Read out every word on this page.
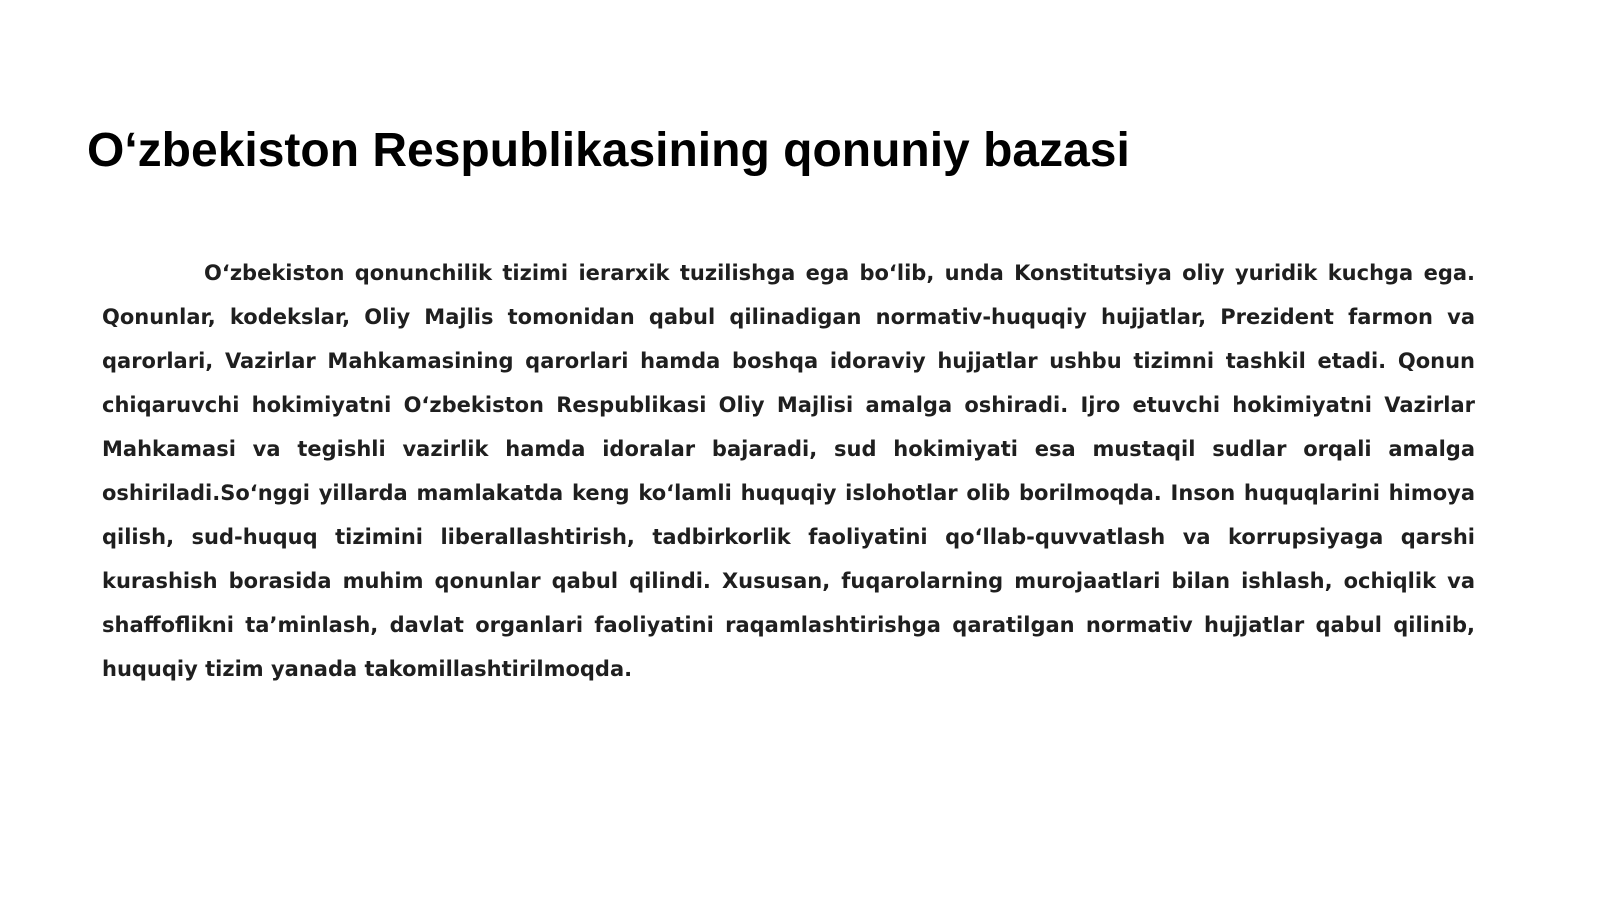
O‘zbekiston Respublikasining qonuniy bazasi

O‘zbekiston qonunchilik tizimi ierarxik tuzilishga ega bo‘lib, unda Konstitutsiya oliy yuridik kuchga ega. Qonunlar, kodekslar, Oliy Majlis tomonidan qabul qilinadigan normativ-huquqiy hujjatlar, Prezident farmon va qarorlari, Vazirlar Mahkamasining qarorlari hamda boshqa idoraviy hujjatlar ushbu tizimni tashkil etadi. Qonun chiqaruvchi hokimiyatni O‘zbekiston Respublikasi Oliy Majlisi amalga oshiradi. Ijro etuvchi hokimiyatni Vazirlar Mahkamasi va tegishli vazirlik hamda idoralar bajaradi, sud hokimiyati esa mustaqil sudlar orqali amalga oshiriladi.So‘nggi yillarda mamlakatda keng ko‘lamli huquqiy islohotlar olib borilmoqda. Inson huquqlarini himoya qilish, sud-huquq tizimini liberallashtirish, tadbirkorlik faoliyatini qo‘llab-quvvatlash va korrupsiyaga qarshi kurashish borasida muhim qonunlar qabul qilindi. Xususan, fuqarolarning murojaatlari bilan ishlash, ochiqlik va shaffoflikni ta’minlash, davlat organlari faoliyatini raqamlashtirishga qaratilgan normativ hujjatlar qabul qilinib, huquqiy tizim yanada takomillashtirilmoqda.
